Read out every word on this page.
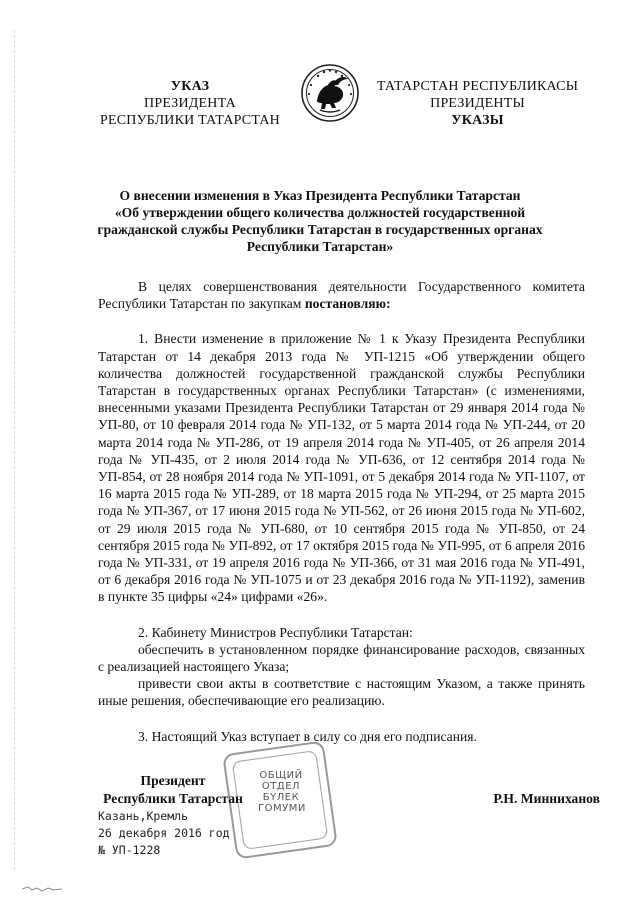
УКАЗ
ПРЕЗИДЕНТА
РЕСПУБЛИКИ ТАТАРСТАН
ТАТАРСТАН РЕСПУБЛИКАСЫ
ПРЕЗИДЕНТЫ
УКАЗЫ
О внесении изменения в Указ Президента Республики Татарстан
«Об утверждении общего количества должностей государственной
гражданской службы Республики Татарстан в государственных органах
Республики Татарстан»

В целях совершенствования деятельности Государственного комитета Республики Татарстан по закупкам постановляю:

1. Внести изменение в приложение № 1 к Указу Президента Республики Татарстан от 14 декабря 2013 года № УП-1215 «Об утверждении общего количества должностей государственной гражданской службы Республики Татарстан в государственных органах Республики Татарстан» (с изменениями, внесенными указами Президента Республики Татарстан от 29 января 2014 года № УП-80, от 10 февраля 2014 года № УП-132, от 5 марта 2014 года № УП-244, от 20 марта 2014 года № УП-286, от 19 апреля 2014 года № УП-405, от 26 апреля 2014 года № УП-435, от 2 июля 2014 года № УП-636, от 12 сентября 2014 года № УП-854, от 28 ноября 2014 года № УП-1091, от 5 декабря 2014 года № УП-1107, от 16 марта 2015 года № УП-289, от 18 марта 2015 года № УП-294, от 25 марта 2015 года № УП-367, от 17 июня 2015 года № УП-562, от 26 июня 2015 года № УП-602, от 29 июля 2015 года № УП-680, от 10 сентября 2015 года № УП-850, от 24 сентября 2015 года № УП-892, от 17 октября 2015 года № УП-995, от 6 апреля 2016 года № УП-331, от 19 апреля 2016 года № УП-366, от 31 мая 2016 года № УП-491, от 6 декабря 2016 года № УП-1075 и от 23 декабря 2016 года № УП-1192), заменив в пункте 35 цифры «24» цифрами «26».

2. Кабинету Министров Республики Татарстан:

обеспечить в установленном порядке финансирование расходов, связанных с реализацией настоящего Указа;

привести свои акты в соответствие с настоящим Указом, а также принять иные решения, обеспечивающие его реализацию.

3. Настоящий Указ вступает в силу со дня его подписания.

ОБЩИЙ
ОТДЕЛ
БҮЛЕК
ГОМУМИ
Президент
Республики Татарстан	Р.Н. Минниханов
Казань,Кремль
26 декабря 2016 год
№ УП-1228
